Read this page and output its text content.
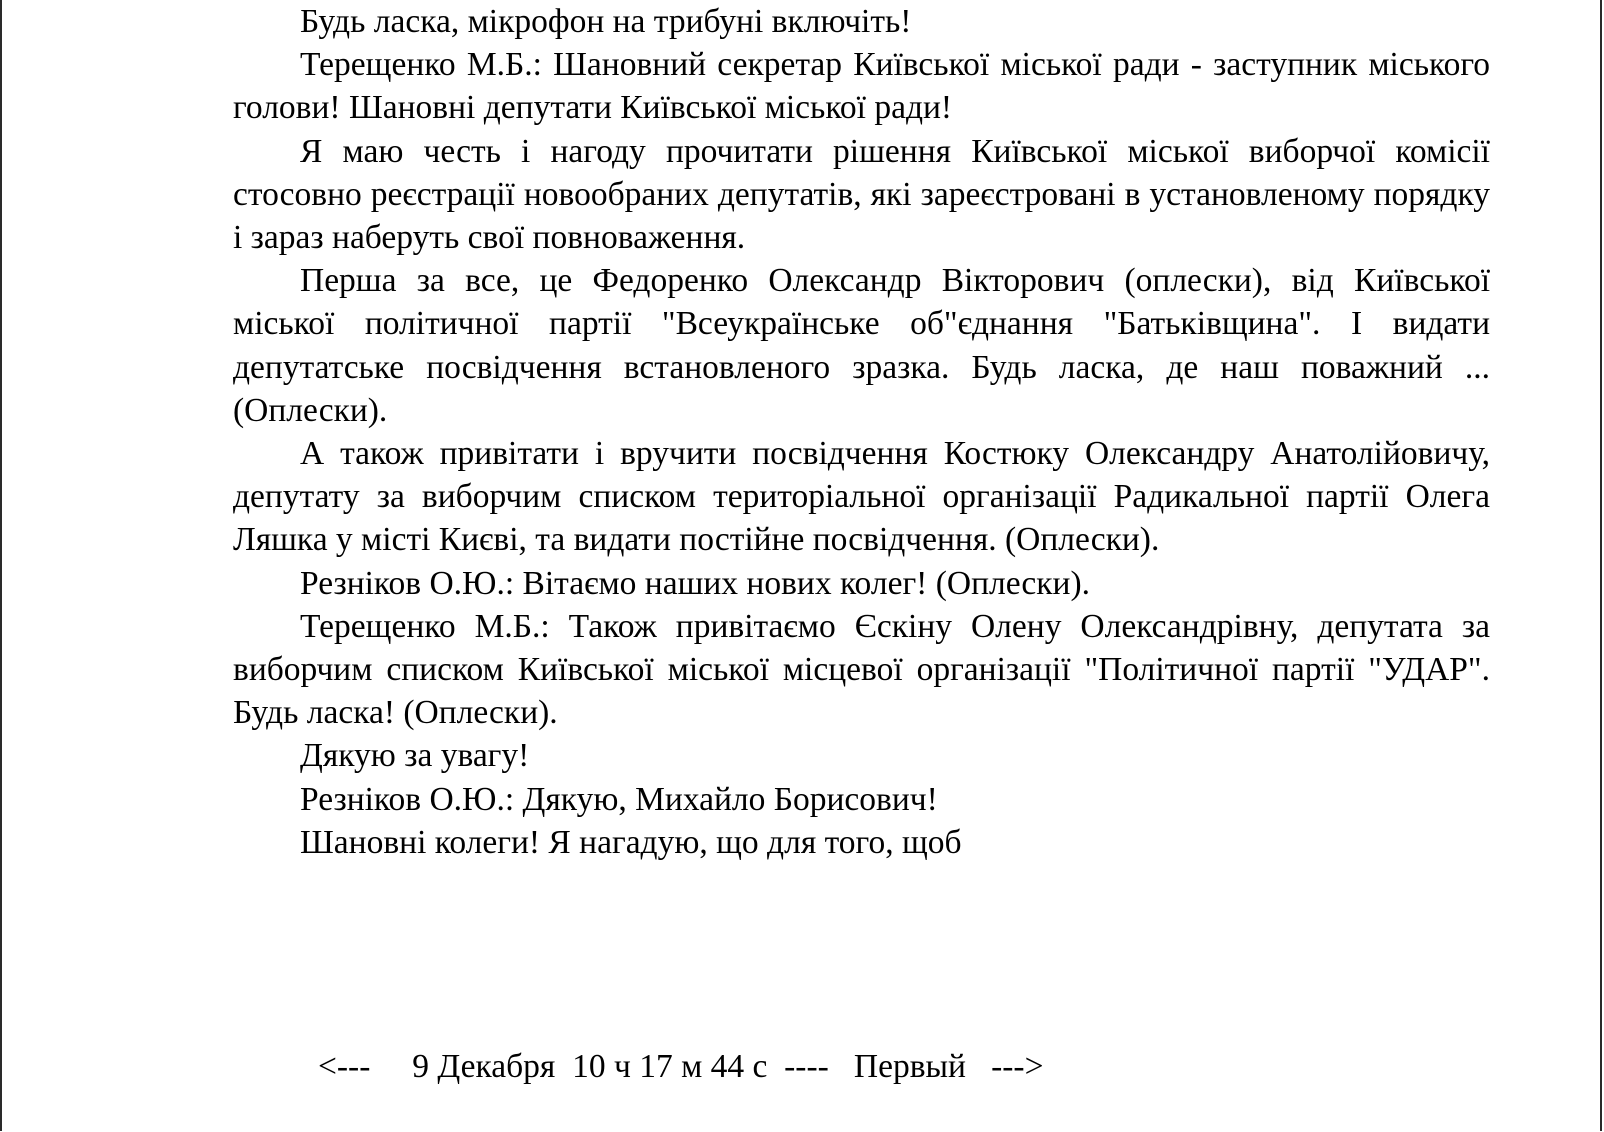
Будь ласка, мікрофон на трибуні включіть!

Терещенко М.Б.: Шановний секретар Київської міської ради - заступник міського голови! Шановні депутати Київської міської ради!

Я маю честь і нагоду прочитати рішення Київської міської виборчої комісії стосовно реєстрації новообраних депутатів, які зареєстровані в установленому порядку і зараз наберуть свої повноваження.

Перша за все, це Федоренко Олександр Вікторович (оплески), від Київської міської політичної партії "Всеукраїнське об"єднання "Батьківщина". І видати депутатське посвідчення встановленого зразка. Будь ласка, де наш поважний ... (Оплески).

А також привітати і вручити посвідчення Костюку Олександру Анатолійовичу, депутату за виборчим списком територіальної організації Радикальної партії Олега Ляшка у місті Києві, та видати постійне посвідчення. (Оплески).

Резніков О.Ю.: Вітаємо наших нових колег! (Оплески).

Терещенко М.Б.: Також привітаємо Єскіну Олену Олександрівну, депутата за виборчим списком Київської міської місцевої організації "Політичної партії "УДАР". Будь ласка! (Оплески).

Дякую за увагу!

Резніков О.Ю.: Дякую, Михайло Борисович!

Шановні колеги! Я нагадую, що для того, щоб

<--- 9 Декабря 10 ч 17 м 44 с ---- Первый --->
